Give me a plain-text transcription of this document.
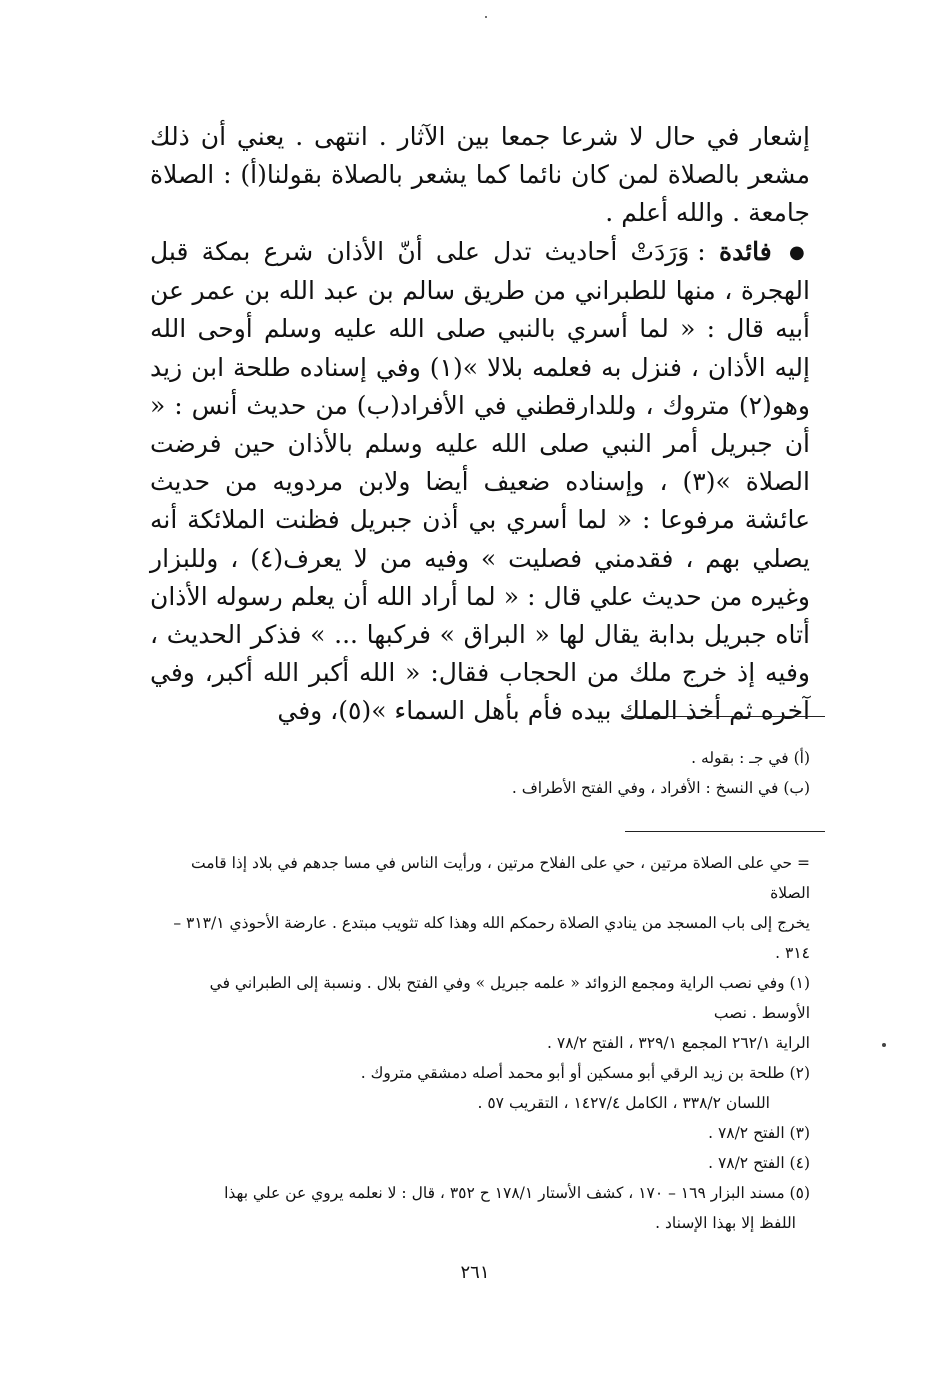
إشعار في حال لا شرعا جمعا بين الآثار . انتهى . يعني أن ذلك مشعر بالصلاة لمن كان نائما كما يشعر بالصلاة بقولنا(أ) : الصلاة جامعة . والله أعلم .

● فائدة : وَرَدَتْ أحاديث تدل على أنّ الأذان شرع بمكة قبل الهجرة ، منها للطبراني من طريق سالم بن عبد الله بن عمر عن أبيه قال : « لما أسري بالنبي صلى الله عليه وسلم أوحى الله إليه الأذان ، فنزل به فعلمه بلالا »(١) وفي إسناده طلحة ابن زيد وهو(٢) متروك ، وللدارقطني في الأفراد(ب) من حديث أنس : « أن جبريل أمر النبي صلى الله عليه وسلم بالأذان حين فرضت الصلاة »(٣) ، وإسناده ضعيف أيضا ولابن مردويه من حديث عائشة مرفوعا : « لما أسري بي أذن جبريل فظنت الملائكة أنه يصلي بهم ، فقدمني فصليت » وفيه من لا يعرف(٤) ، وللبزار وغيره من حديث علي قال : « لما أراد الله أن يعلم رسوله الأذان أتاه جبريل بدابة يقال لها « البراق » فركبها ... » فذكر الحديث ، وفيه إذ خرج ملك من الحجاب فقال: « الله أكبر الله أكبر، وفي آخره ثم أخذ الملك بيده فأم بأهل السماء »(٥)، وفي

(أ) في جـ : بقوله .

(ب) في النسخ : الأفراد ، وفي الفتح الأطراف .

= حي على الصلاة مرتين ، حي على الفلاح مرتين ، ورأيت الناس في مسا جدهم في بلاد إذا قامت الصلاة

يخرج إلى باب المسجد من ينادي الصلاة رحمكم الله وهذا كله تثويب مبتدع . عارضة الأحوذي ٣١٣/١ –

٣١٤ .

(١) وفي نصب الراية ومجمع الزوائد « علمه جبريل » وفي الفتح بلال . ونسبة إلى الطبراني في الأوسط . نصب

الراية ٢٦٢/١ المجمع ٣٢٩/١ ، الفتح ٧٨/٢ .

(٢) طلحة بن زيد الرقي أبو مسكين أو أبو محمد أصله دمشقي متروك .

اللسان ٣٣٨/٢ ، الكامل ١٤٢٧/٤ ، التقريب ٥٧ .

(٣) الفتح ٧٨/٢ .

(٤) الفتح ٧٨/٢ .

(٥) مسند البزار ١٦٩ – ١٧٠ ، كشف الأستار ١٧٨/١ ح ٣٥٢ ، قال : لا نعلمه يروي عن علي بهذا

اللفظ إلا بهذا الإسناد .

٢٦١
